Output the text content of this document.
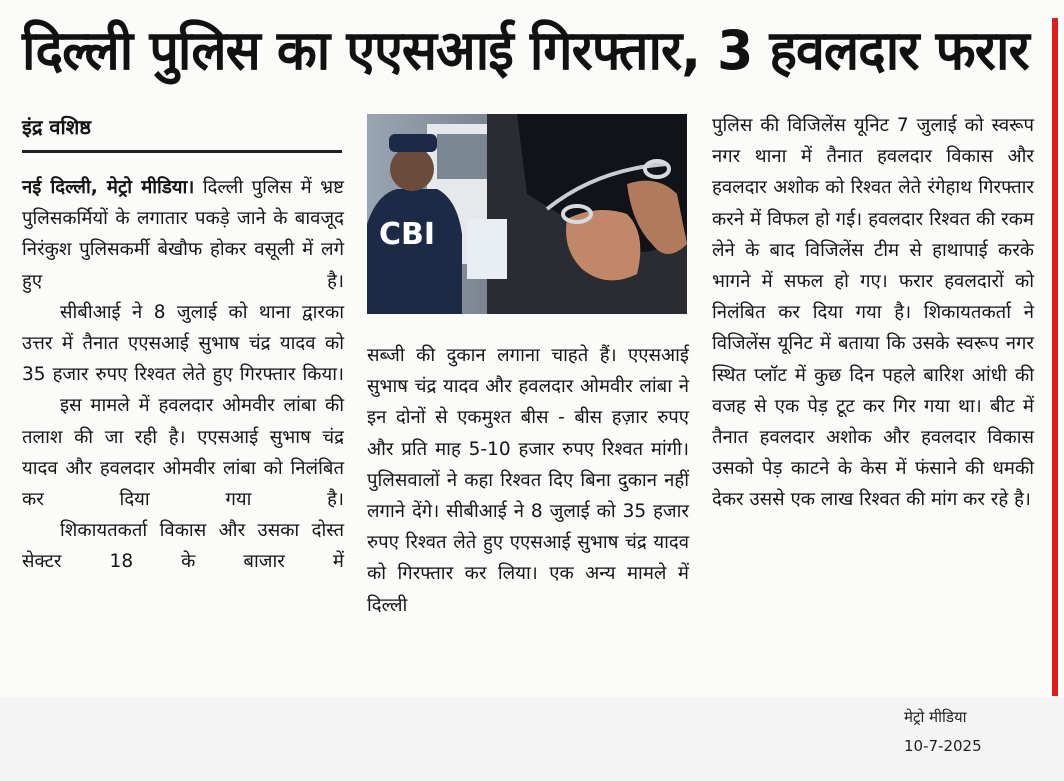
दिल्ली पुलिस का एएसआई गिरफ्तार, 3 हवलदार फरार
इंद्र वशिष्ठ

नई दिल्ली, मेट्रो मीडिया। दिल्ली पुलिस में भ्रष्ट पुलिसकर्मियों के लगातार पकड़े जाने के बावजूद निरंकुश पुलिसकर्मी बेखौफ होकर वसूली में लगे हुए है।

सीबीआई ने 8 जुलाई को थाना द्वारका उत्तर में तैनात एएसआई सुभाष चंद्र यादव को 35 हजार रुपए रिश्वत लेते हुए गिरफ्तार किया।

इस मामले में हवलदार ओमवीर लांबा की तलाश की जा रही है। एएसआई सुभाष चंद्र यादव और हवलदार ओमवीर लांबा को निलंबित कर दिया गया है।

शिकायतकर्ता विकास और उसका दोस्त सेक्टर 18 के बाजार में

CBI

सब्जी की दुकान लगाना चाहते हैं। एएसआई सुभाष चंद्र यादव और हवलदार ओमवीर लांबा ने इन दोनों से एकमुश्त बीस - बीस हज़ार रुपए और प्रति माह 5-10 हजार रुपए रिश्वत मांगी। पुलिसवालों ने कहा रिश्वत दिए बिना दुकान नहीं लगाने देंगे। सीबीआई ने 8 जुलाई को 35 हजार रुपए रिश्वत लेते हुए एएसआई सुभाष चंद्र यादव को गिरफ्तार कर लिया। एक अन्य मामले में दिल्ली

पुलिस की विजिलेंस यूनिट 7 जुलाई को स्वरूप नगर थाना में तैनात हवलदार विकास और हवलदार अशोक को रिश्वत लेते रंगेहाथ गिरफ्तार करने में विफल हो गई। हवलदार रिश्वत की रकम लेने के बाद विजिलेंस टीम से हाथापाई करके भागने में सफल हो गए। फरार हवलदारों को निलंबित कर दिया गया है। शिकायतकर्ता ने विजिलेंस यूनिट में बताया कि उसके स्वरूप नगर स्थित प्लॉट में कुछ दिन पहले बारिश आंधी की वजह से एक पेड़ टूट कर गिर गया था। बीट में तैनात हवलदार अशोक और हवलदार विकास उसको पेड़ काटने के केस में फंसाने की धमकी देकर उससे एक लाख रिश्वत की मांग कर रहे है।

मेट्रो मीडिया
10-7-2025
